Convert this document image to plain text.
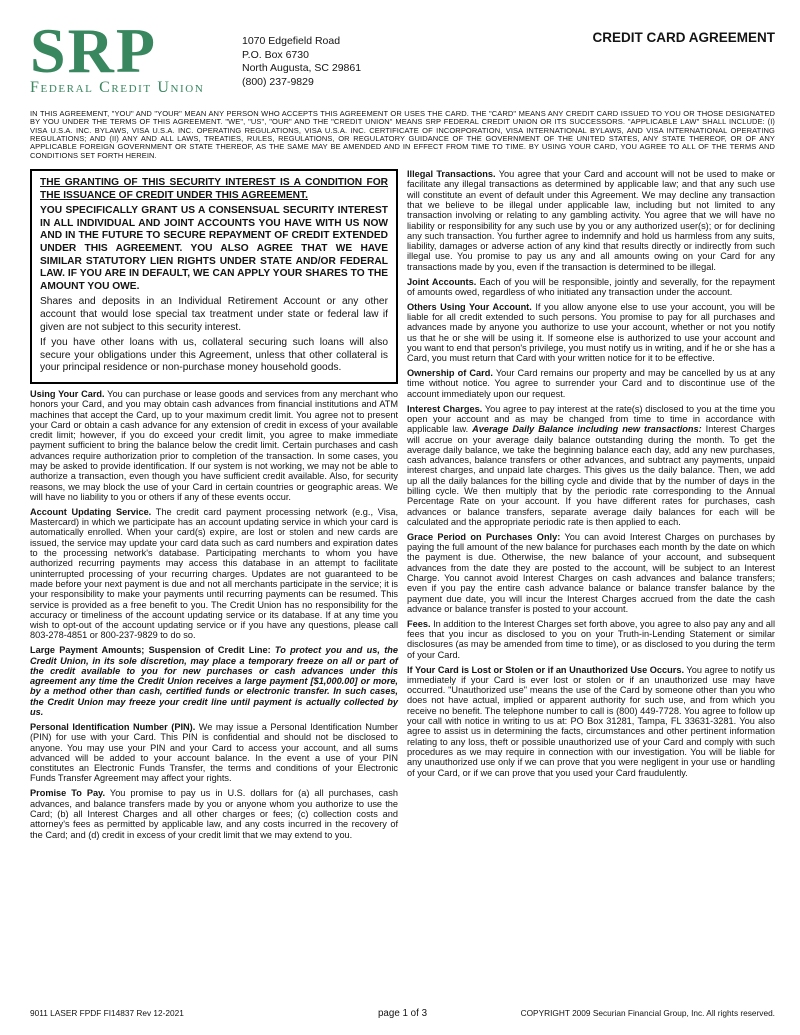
SRP
Federal Credit Union
1070 Edgefield Road
P.O. Box 6730
North Augusta, SC 29861
(800) 237-9829
CREDIT CARD AGREEMENT

IN THIS AGREEMENT, "YOU" AND "YOUR" MEAN ANY PERSON WHO ACCEPTS THIS AGREEMENT OR USES THE CARD. THE "CARD" MEANS ANY CREDIT CARD ISSUED TO YOU OR THOSE DESIGNATED BY YOU UNDER THE TERMS OF THIS AGREEMENT. "WE", "US", "OUR" AND THE "CREDIT UNION" MEANS SRP FEDERAL CREDIT UNION OR ITS SUCCESSORS. "APPLICABLE LAW" SHALL INCLUDE: (I) VISA U.S.A. INC. BYLAWS, VISA U.S.A. INC. OPERATING REGULATIONS, VISA U.S.A. INC. CERTIFICATE OF INCORPORATION, VISA INTERNATIONAL BYLAWS, AND VISA INTERNATIONAL OPERATING REGULATIONS; AND (II) ANY AND ALL LAWS, TREATIES, RULES, REGULATIONS, OR REGULATORY GUIDANCE OF THE GOVERNMENT OF THE UNITED STATES, ANY STATE THEREOF, OR OF ANY APPLICABLE FOREIGN GOVERNMENT OR STATE THEREOF, AS THE SAME MAY BE AMENDED AND IN EFFECT FROM TIME TO TIME. BY USING YOUR CARD, YOU AGREE TO ALL OF THE TERMS AND CONDITIONS SET FORTH HEREIN.

THE GRANTING OF THIS SECURITY INTEREST IS A CONDITION FOR THE ISSUANCE OF CREDIT UNDER THIS AGREEMENT.

YOU SPECIFICALLY GRANT US A CONSENSUAL SECURITY INTEREST IN ALL INDIVIDUAL AND JOINT ACCOUNTS YOU HAVE WITH US NOW AND IN THE FUTURE TO SECURE REPAYMENT OF CREDIT EXTENDED UNDER THIS AGREEMENT. YOU ALSO AGREE THAT WE HAVE SIMILAR STATUTORY LIEN RIGHTS UNDER STATE AND/OR FEDERAL LAW. IF YOU ARE IN DEFAULT, WE CAN APPLY YOUR SHARES TO THE AMOUNT YOU OWE.

Shares and deposits in an Individual Retirement Account or any other account that would lose special tax treatment under state or federal law if given are not subject to this security interest.

If you have other loans with us, collateral securing such loans will also secure your obligations under this Agreement, unless that other collateral is your principal residence or non-purchase money household goods.

Using Your Card. You can purchase or lease goods and services from any merchant who honors your Card, and you may obtain cash advances from financial institutions and ATM machines that accept the Card, up to your maximum credit limit. You agree not to present your Card or obtain a cash advance for any extension of credit in excess of your available credit limit; however, if you do exceed your credit limit, you agree to make immediate payment sufficient to bring the balance below the credit limit. Certain purchases and cash advances require authorization prior to completion of the transaction. In some cases, you may be asked to provide identification. If our system is not working, we may not be able to authorize a transaction, even though you have sufficient credit available. Also, for security reasons, we may block the use of your Card in certain countries or geographic areas. We will have no liability to you or others if any of these events occur.

Account Updating Service. The credit card payment processing network (e.g., Visa, Mastercard) in which we participate has an account updating service in which your card is automatically enrolled. When your card(s) expire, are lost or stolen and new cards are issued, the service may update your card data such as card numbers and expiration dates to the processing network's database. Participating merchants to whom you have authorized recurring payments may access this database in an attempt to facilitate uninterrupted processing of your recurring charges. Updates are not guaranteed to be made before your next payment is due and not all merchants participate in the service; it is your responsibility to make your payments until recurring payments can be resumed. This service is provided as a free benefit to you. The Credit Union has no responsibility for the accuracy or timeliness of the account updating service or its database. If at any time you wish to opt-out of the account updating service or if you have any questions, please call 803-278-4851 or 800-237-9829 to do so.

Large Payment Amounts; Suspension of Credit Line: To protect you and us, the Credit Union, in its sole discretion, may place a temporary freeze on all or part of the credit available to you for new purchases or cash advances under this agreement any time the Credit Union receives a large payment [$1,000.00] or more, by a method other than cash, certified funds or electronic transfer. In such cases, the Credit Union may freeze your credit line until payment is actually collected by us.

Personal Identification Number (PIN). We may issue a Personal Identification Number (PIN) for use with your Card. This PIN is confidential and should not be disclosed to anyone. You may use your PIN and your Card to access your account, and all sums advanced will be added to your account balance. In the event a use of your PIN constitutes an Electronic Funds Transfer, the terms and conditions of your Electronic Funds Transfer Agreement may affect your rights.

Promise To Pay. You promise to pay us in U.S. dollars for (a) all purchases, cash advances, and balance transfers made by you or anyone whom you authorize to use the Card; (b) all Interest Charges and all other charges or fees; (c) collection costs and attorney's fees as permitted by applicable law, and any costs incurred in the recovery of the Card; and (d) credit in excess of your credit limit that we may extend to you.

Illegal Transactions. You agree that your Card and account will not be used to make or facilitate any illegal transactions as determined by applicable law; and that any such use will constitute an event of default under this Agreement. We may decline any transaction that we believe to be illegal under applicable law, including but not limited to any transaction involving or relating to any gambling activity. You agree that we will have no liability or responsibility for any such use by you or any authorized user(s); or for declining any such transaction. You further agree to indemnify and hold us harmless from any suits, liability, damages or adverse action of any kind that results directly or indirectly from such illegal use. You promise to pay us any and all amounts owing on your Card for any transactions made by you, even if the transaction is determined to be illegal.

Joint Accounts. Each of you will be responsible, jointly and severally, for the repayment of amounts owed, regardless of who initiated any transaction under the account.

Others Using Your Account. If you allow anyone else to use your account, you will be liable for all credit extended to such persons. You promise to pay for all purchases and advances made by anyone you authorize to use your account, whether or not you notify us that he or she will be using it. If someone else is authorized to use your account and you want to end that person's privilege, you must notify us in writing, and if he or she has a Card, you must return that Card with your written notice for it to be effective.

Ownership of Card. Your Card remains our property and may be cancelled by us at any time without notice. You agree to surrender your Card and to discontinue use of the account immediately upon our request.

Interest Charges. You agree to pay interest at the rate(s) disclosed to you at the time you open your account and as may be changed from time to time in accordance with applicable law. Average Daily Balance including new transactions: Interest Charges will accrue on your average daily balance outstanding during the month. To get the average daily balance, we take the beginning balance each day, add any new purchases, cash advances, balance transfers or other advances, and subtract any payments, unpaid interest charges, and unpaid late charges. This gives us the daily balance. Then, we add up all the daily balances for the billing cycle and divide that by the number of days in the billing cycle. We then multiply that by the periodic rate corresponding to the Annual Percentage Rate on your account. If you have different rates for purchases, cash advances or balance transfers, separate average daily balances for each will be calculated and the appropriate periodic rate is then applied to each.

Grace Period on Purchases Only: You can avoid Interest Charges on purchases by paying the full amount of the new balance for purchases each month by the date on which the payment is due. Otherwise, the new balance of your account, and subsequent advances from the date they are posted to the account, will be subject to an Interest Charge. You cannot avoid Interest Charges on cash advances and balance transfers; even if you pay the entire cash advance balance or balance transfer balance by the payment due date, you will incur the Interest Charges accrued from the date the cash advance or balance transfer is posted to your account.

Fees. In addition to the Interest Charges set forth above, you agree to also pay any and all fees that you incur as disclosed to you on your Truth-in-Lending Statement or similar disclosures (as may be amended from time to time), or as disclosed to you during the term of your Card.

If Your Card is Lost or Stolen or if an Unauthorized Use Occurs. You agree to notify us immediately if your Card is ever lost or stolen or if an unauthorized use may have occurred. "Unauthorized use" means the use of the Card by someone other than you who does not have actual, implied or apparent authority for such use, and from which you receive no benefit. The telephone number to call is (800) 449-7728. You agree to follow up your call with notice in writing to us at: PO Box 31281, Tampa, FL 33631-3281. You also agree to assist us in determining the facts, circumstances and other pertinent information relating to any loss, theft or possible unauthorized use of your Card and comply with such procedures as we may require in connection with our investigation. You will be liable for any unauthorized use only if we can prove that you were negligent in your use or handling of your Card, or if we can prove that you used your Card fraudulently.

9011 LASER FPDF FI14837 Rev 12-2021	page 1 of 3	COPYRIGHT 2009 Securian Financial Group, Inc. All rights reserved.
